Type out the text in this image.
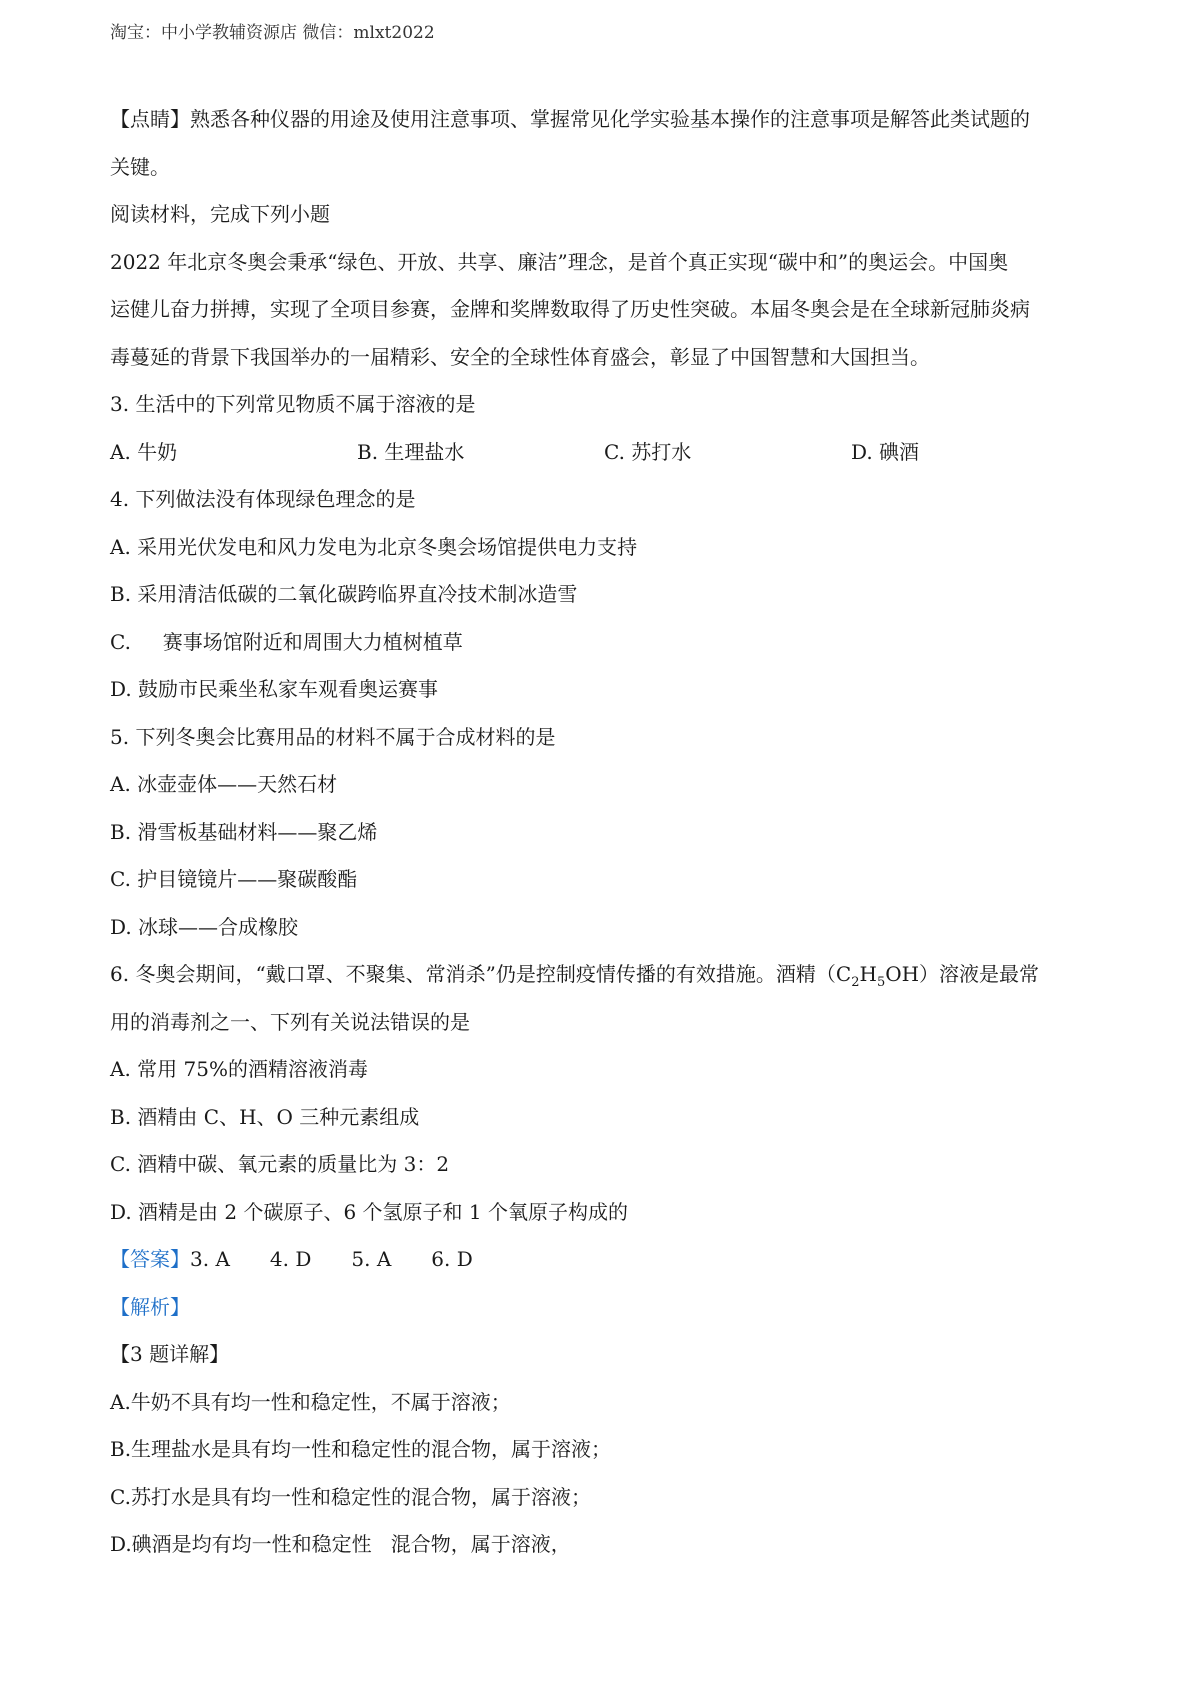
淘宝：中小学教辅资源店 微信：mlxt2022

【点睛】熟悉各种仪器的用途及使用注意事项、掌握常见化学实验基本操作的注意事项是解答此类试题的

关键。

阅读材料，完成下列小题

2022 年北京冬奥会秉承“绿色、开放、共享、廉洁”理念，是首个真正实现“碳中和”的奥运会。中国奥

运健儿奋力拼搏，实现了全项目参赛，金牌和奖牌数取得了历史性突破。本届冬奥会是在全球新冠肺炎病

毒蔓延的背景下我国举办的一届精彩、安全的全球性体育盛会，彰显了中国智慧和大国担当。

3. 生活中的下列常见物质不属于溶液的是

A. 牛奶	B. 生理盐水	C. 苏打水	D. 碘酒

4. 下列做法没有体现绿色理念的是

A. 采用光伏发电和风力发电为北京冬奥会场馆提供电力支持

B. 采用清洁低碳的二氧化碳跨临界直冷技术制冰造雪

C.     赛事场馆附近和周围大力植树植草

D. 鼓励市民乘坐私家车观看奥运赛事

5. 下列冬奥会比赛用品的材料不属于合成材料的是

A. 冰壶壶体——天然石材

B. 滑雪板基础材料——聚乙烯

C. 护目镜镜片——聚碳酸酯

D. 冰球——合成橡胶

6. 冬奥会期间，“戴口罩、不聚集、常消杀”仍是控制疫情传播的有效措施。酒精$(C_2H_5OH)$溶液是最常

用的消毒剂之一、下列有关说法错误的是

A. 常用 75%的酒精溶液消毒

B. 酒精由 C、H、O 三种元素组成

C. 酒精中碳、氧元素的质量比为 3：2

D. 酒精是由 2 个碳原子、6 个氢原子和 1 个氧原子构成的

【答案】3. A 4. D 5. A 6. D

【解析】

【3 题详解】

A.牛奶不具有均一性和稳定性，不属于溶液；

B.生理盐水是具有均一性和稳定性的混合物，属于溶液；

C.苏打水是具有均一性和稳定性的混合物，属于溶液；

D.碘酒是均有均一性和稳定性   混合物，属于溶液，
